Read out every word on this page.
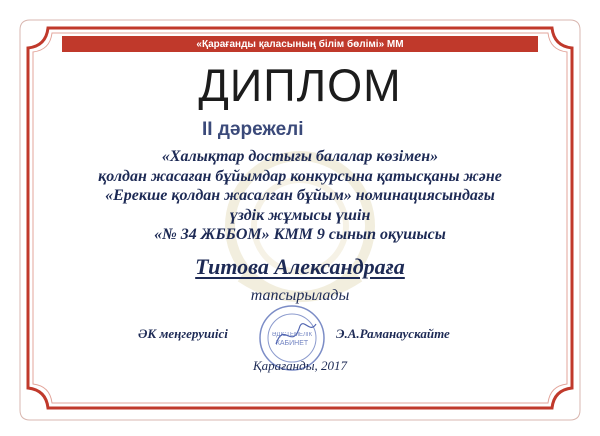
«Қарағанды қаласының білім бөлімі» ММ
ДИПЛОМ
ІІ дәрежелі
«Халықтар достығы балалар көзімен»
қолдан жасаған бұйымдар конкурсына қатысқаны және
«Ерекше қолдан жасалған бұйым» номинациясындағы
үздік жұмысы үшін
«№ 34 ЖББОМ» КММ 9 сынып оқушысы
Титова Александраға
тапсырылады
ӘК меңгерушісі	ӘДІСТЕМЕЛІК
КАБИНЕТ
Э.А.Раманаускайте
Қарағанды, 2017
